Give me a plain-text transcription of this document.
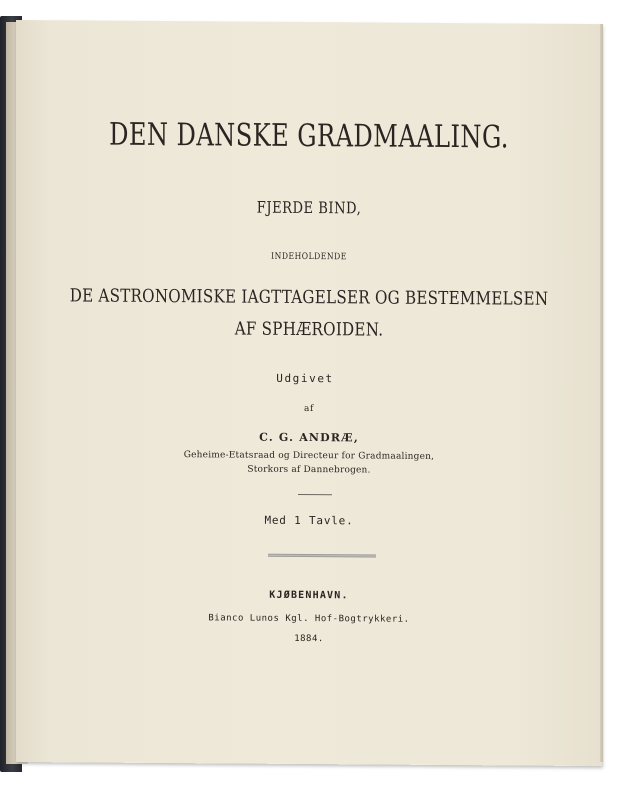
DEN DANSKE GRADMAALING.
FJERDE BIND,
INDEHOLDENDE
DE ASTRONOMISKE IAGTTAGELSER OG BESTEMMELSEN
AF SPHÆROIDEN.
Udgivet
af
C. G. ANDRÆ,
Geheime-Etatsraad og Directeur for Gradmaalingen,
Storkors af Dannebrogen.
Med 1 Tavle.
KJØBENHAVN.
Bianco Lunos Kgl. Hof-Bogtrykkeri.
1884.
